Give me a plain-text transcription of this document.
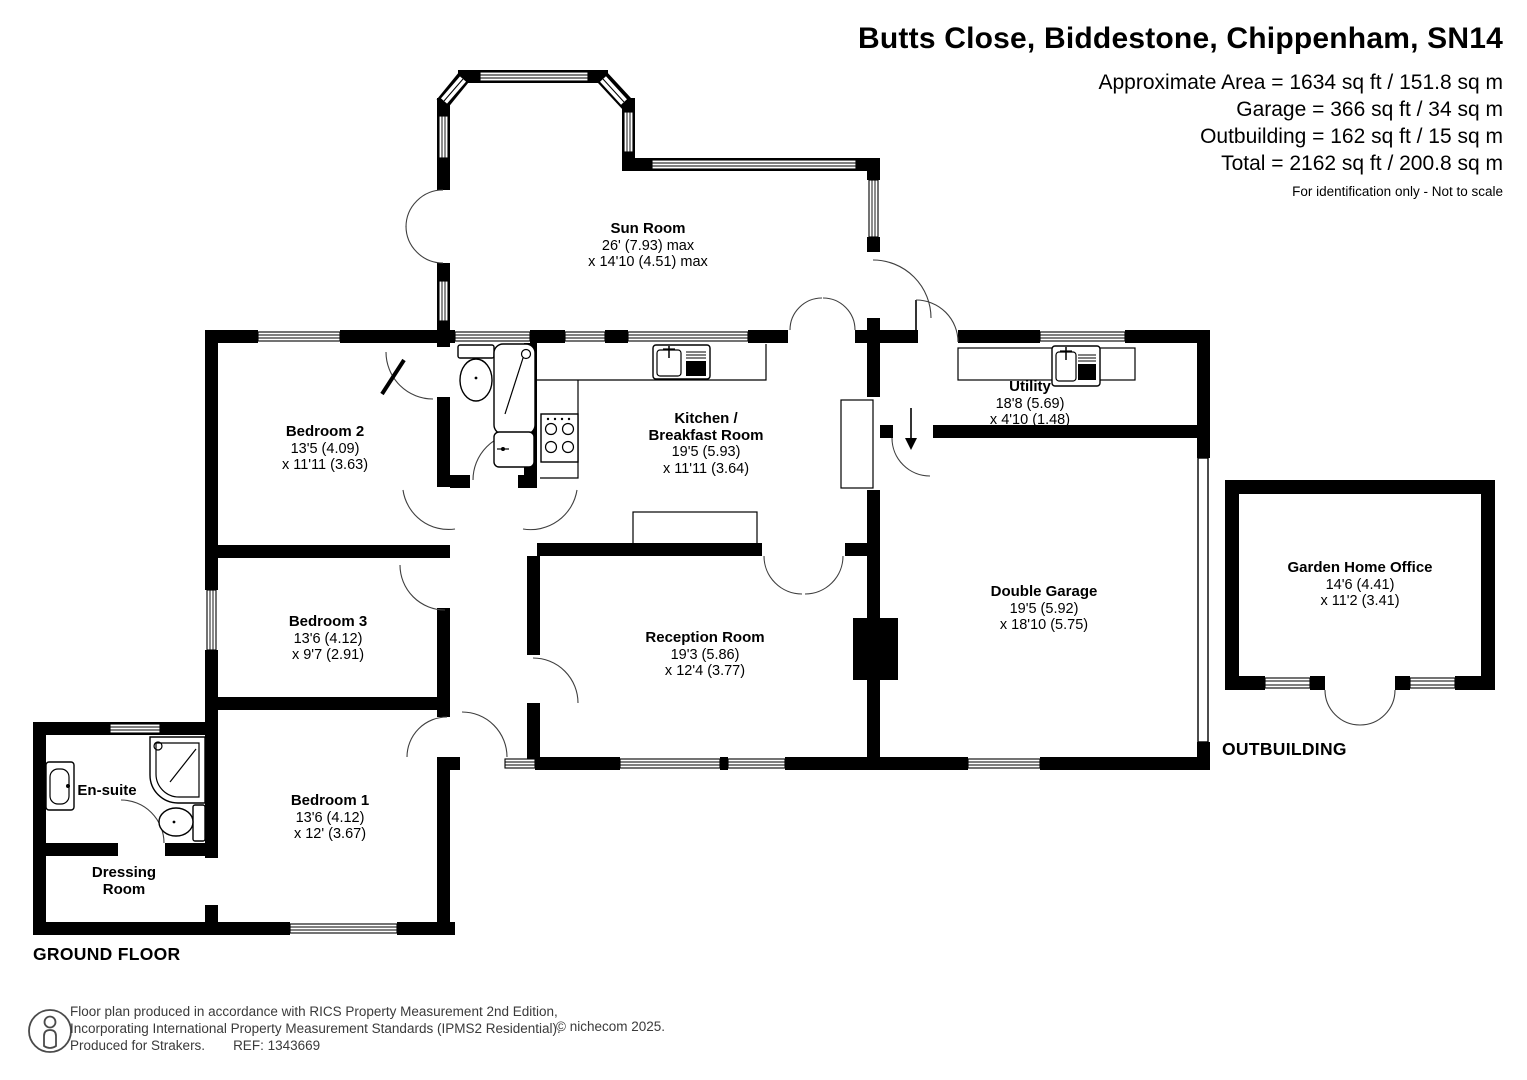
Butts Close, Biddestone, Chippenham, SN14
Approximate Area = 1634 sq ft / 151.8 sq m
Garage = 366 sq ft / 34 sq m
Outbuilding = 162 sq ft / 15 sq m
Total = 2162 sq ft / 200.8 sq m
For identification only - Not to scale
Sun Room
26' (7.93) max
x 14'10 (4.51) max
Bedroom 2
13'5 (4.09)
x 11'11 (3.63)
Bedroom 3
13'6 (4.12)
x 9'7 (2.91)
Bedroom 1
13'6 (4.12)
x 12' (3.67)
Kitchen /
Breakfast Room
19'5 (5.93)
x 11'11 (3.64)
Reception Room
19'3 (5.86)
x 12'4 (3.77)
Utility
18'8 (5.69)
x 4'10 (1.48)
Double Garage
19'5 (5.92)
x 18'10 (5.75)
Garden Home Office
14'6 (4.41)
x 11'2 (3.41)
En-suite
Dressing
Room
GROUND FLOOR
OUTBUILDING
Floor plan produced in accordance with RICS Property Measurement 2nd Edition,
Incorporating International Property Measurement Standards (IPMS2 Residential).
Produced for Strakers. REF: 1343669
© nichecom 2025.
